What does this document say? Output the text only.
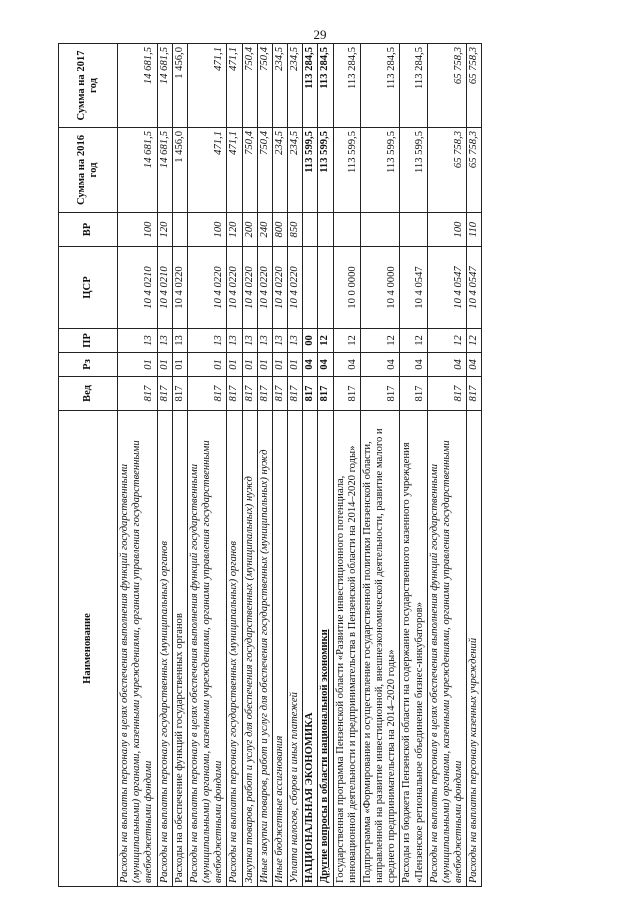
29
Наименование	Вед	Рз	ПР	ЦСР	ВР	Сумма на 2016 год	Сумма на 2017 год
Расходы на выплаты персоналу в целях обеспечения выполнения функций государственными (муниципальными) органами, казенными учреждениями, органами управления государственными внебюджетными фондами	817	01	13	10 4 0210	100	14 681,5	14 681,5
Расходы на выплаты персоналу государственных (муниципальных) органов	817	01	13	10 4 0210	120	14 681,5	14 681,5
Расходы на обеспечение функций государственных органов	817	01	13	10 4 0220		1 456,0	1 456,0
Расходы на выплаты персоналу в целях обеспечения выполнения функций государственными (муниципальными) органами, казенными учреждениями, органами управления государственными внебюджетными фондами	817	01	13	10 4 0220	100	471,1	471,1
Расходы на выплаты персоналу государственных (муниципальных) органов	817	01	13	10 4 0220	120	471,1	471,1
Закупка товаров, работ и услуг для обеспечения государственных (муниципальных) нужд	817	01	13	10 4 0220	200	750,4	750,4
Иные закупки товаров, работ и услуг для обеспечения государственных (муниципальных) нужд	817	01	13	10 4 0220	240	750,4	750,4
Иные бюджетные ассигнования	817	01	13	10 4 0220	800	234,5	234,5
Уплата налогов, сборов и иных платежей	817	01	13	10 4 0220	850	234,5	234,5
НАЦИОНАЛЬНАЯ ЭКОНОМИКА	817	04	00			113 599,5	113 284,5
Другие вопросы в области национальной экономики	817	04	12			113 599,5	113 284,5
Государственная программа Пензенской области «Развитие инвестиционного потенциала, инновационной деятельности и предпринимательства в Пензенской области на 2014–2020 годы»	817	04	12	10 0 0000		113 599,5	113 284,5
Подпрограмма «Формирование и осуществление государственной политики Пензенской области, направленной на развитие инвестиционной, внешнеэкономической деятельности, развитие малого и среднего предпринимательства на 2014–2020 годы»	817	04	12	10 4 0000		113 599,5	113 284,5
Расходы из бюджета Пензенской области на содержание государственного казенного учреждения «Пензенское региональное объединение бизнес-инкубаторов»	817	04	12	10 4 0547		113 599,5	113 284,5
Расходы на выплаты персоналу в целях обеспечения выполнения функций государственными (муниципальными) органами, казенными учреждениями, органами управления государственными внебюджетными фондами	817	04	12	10 4 0547	100	65 758,3	65 758,3
Расходы на выплаты персоналу казенных учреждений	817	04	12	10 4 0547	110	65 758,3	65 758,3
